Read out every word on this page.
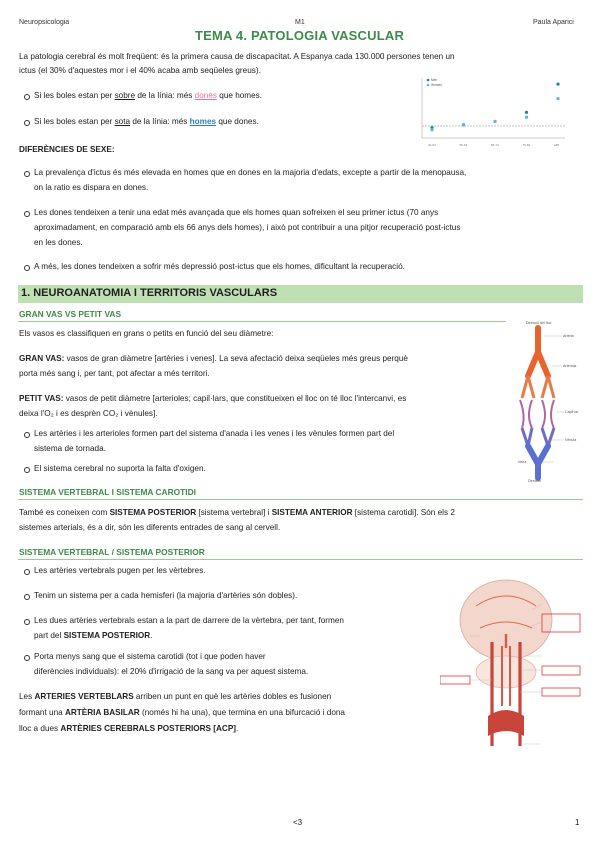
Neuropsicologia	M1	Paula Aparici
TEMA 4. PATOLOGIA VASCULAR

La patologia cerebral és molt freqüent: és la primera causa de discapacitat. A Espanya cada 130.000 persones tenen un

ictus (el 30% d'aquestes mor i el 40% acaba amb seqüeles greus).

Si les boles estan per sobre de la línia: més dones que homes.

Si les boles estan per sota de la línia: més homes que dones.

Men
Women
40-54	55-64	65-74	75-84	≥85

DIFERÈNCIES DE SEXE:

La prevalença d'ictus és més elevada en homes que en dones en la majoria d'edats, excepte a partir de la menopausa,

on la ratio es dispara en dones.

Les dones tendeixen a tenir una edat més avançada que els homes quan sofreixen el seu primer ictus (70 anys

aproximadament, en comparació amb els 66 anys dels homes), i això pot contribuir a una pitjor recuperació post-ictus

en les dones.

A més, les dones tendeixen a sofrir més depressió post-ictus que els homes, dificultant la recuperació.

1. NEUROANATOMIA I TERRITORIS VASCULARS

GRAN VAS VS PETIT VAS

Els vasos es classifiquen en grans o petits en funció del seu diàmetre:

GRAN VAS: vasos de gran diàmetre [artèries i venes]. La seva afectació deixa seqüeles més greus perquè

porta més sang i, per tant, pot afectar a més territori.

PETIT VAS: vasos de petit diàmetre [arterioles; capil·lars, que constitueixen el lloc on té lloc l'intercanvi, es

deixa l'O₂ i es desprèn CO₂ i vènules].

Les artèries i les arterioles formen part del sistema d'anada i les venes i les vènules formen part del

sistema de tornada.

El sistema cerebral no suporta la falta d'oxigen.

Direcció del flux
Artèria
Arteriola
Capil·lar
Vènula
Vena
Direcció

SISTEMA VERTEBRAL I SISTEMA CAROTIDI

També es coneixen com SISTEMA POSTERIOR [sistema vertebral] i SISTEMA ANTERIOR [sistema carotidi]. Són els 2

sistemes arterials, és a dir, són les diferents entrades de sang al cervell.

SISTEMA VERTEBRAL / SISTEMA POSTERIOR

Les artèries vertebrals pugen per les vèrtebres.

Tenim un sistema per a cada hemisferi (la majoria d'artèries són dobles).

Les dues artèries vertebrals estan a la part de darrere de la vèrtebra, per tant, formen

part del SISTEMA POSTERIOR.

Porta menys sang que el sistema carotidi (tot i que poden haver

diferències individuals): el 20% d'irrigació de la sang va per aquest sistema.

Les ARTERIES VERTEBLARS arriben un punt en què les artèries dobles es fusionen

formant una ARTÈRIA BASILAR (només hi ha una), que termina en una bifurcació i dona

lloc a dues ARTÈRIES CEREBRALS POSTERIORS [ACP].

<3	1
